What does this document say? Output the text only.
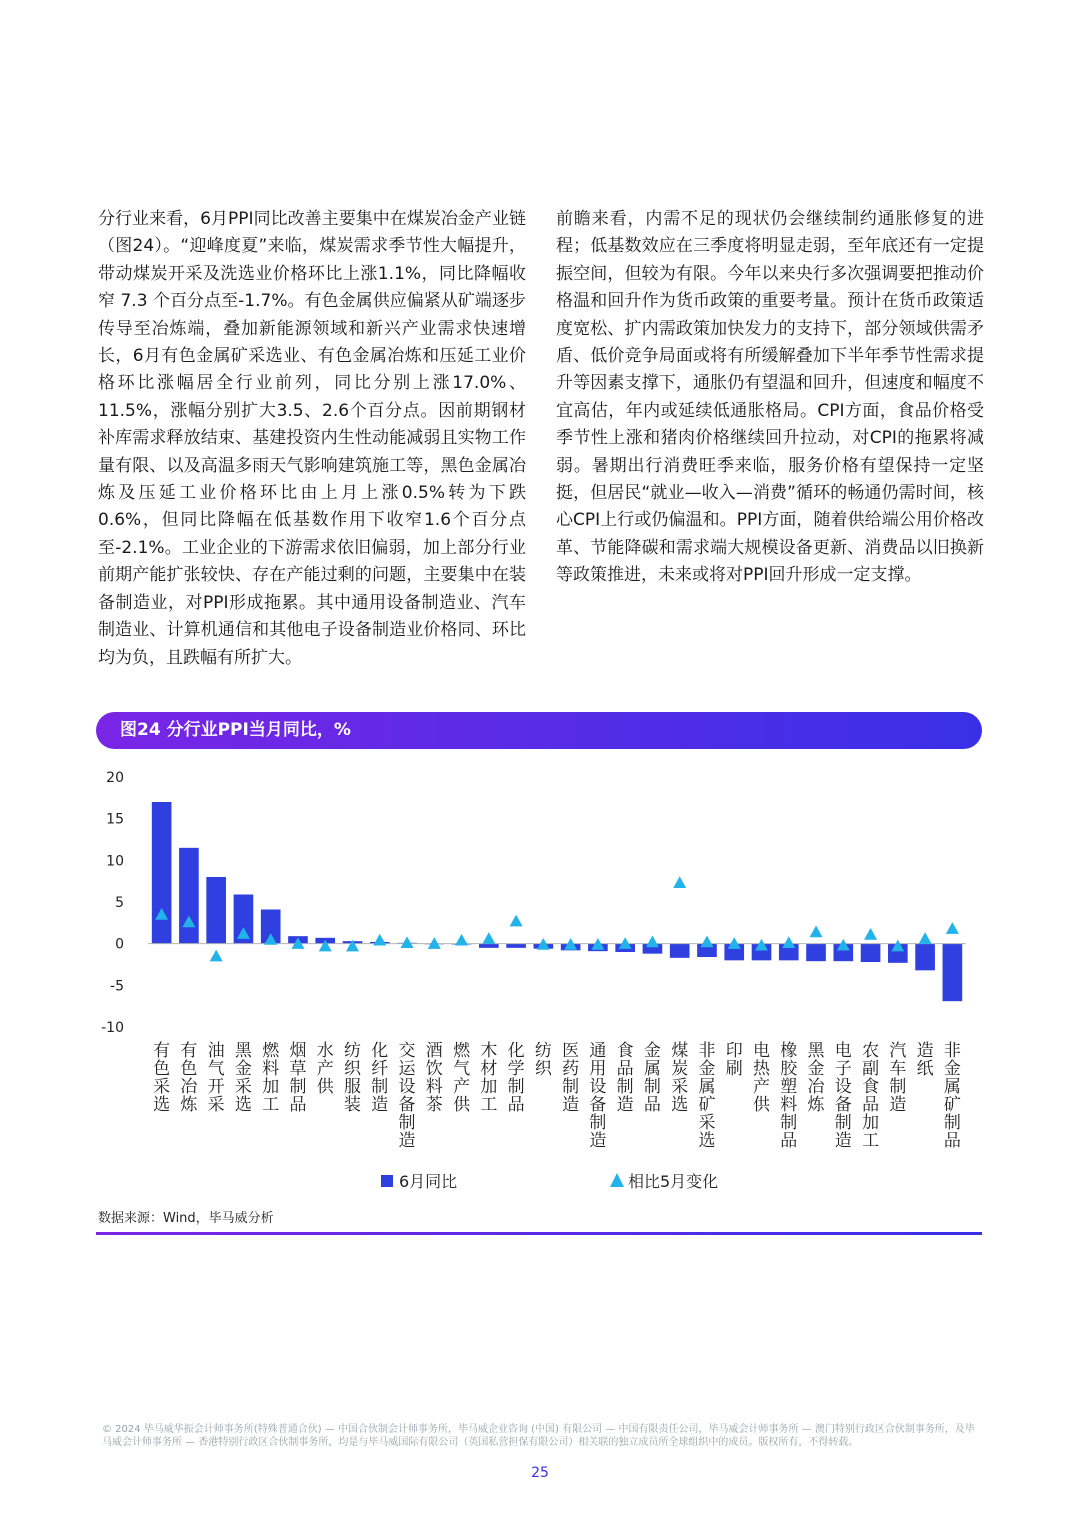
分行业来看，6月PPI同比改善主要集中在煤炭冶金产业链（图24）。“迎峰度夏”来临，煤炭需求季节性大幅提升，带动煤炭开采及洗选业价格环比上涨1.1%，同比降幅收窄 7.3 个百分点至-1.7%。有色金属供应偏紧从矿端逐步传导至冶炼端，叠加新能源领域和新兴产业需求快速增长，6月有色金属矿采选业、有色金属冶炼和压延工业价格环比涨幅居全行业前列，同比分别上涨17.0%、11.5%，涨幅分别扩大3.5、2.6个百分点。因前期钢材补库需求释放结束、基建投资内生性动能减弱且实物工作量有限、以及高温多雨天气影响建筑施工等，黑色金属冶炼及压延工业价格环比由上月上涨0.5%转为下跌 0.6%，但同比降幅在低基数作用下收窄1.6个百分点至-2.1%。工业企业的下游需求依旧偏弱，加上部分行业前期产能扩张较快、存在产能过剩的问题，主要集中在装备制造业，对PPI形成拖累。其中通用设备制造业、汽车制造业、计算机通信和其他电子设备制造业价格同、环比均为负，且跌幅有所扩大。
前瞻来看，内需不足的现状仍会继续制约通胀修复的进程；低基数效应在三季度将明显走弱，至年底还有一定提振空间，但较为有限。今年以来央行多次强调要把推动价格温和回升作为货币政策的重要考量。预计在货币政策适度宽松、扩内需政策加快发力的支持下，部分领域供需矛盾、低价竞争局面或将有所缓解叠加下半年季节性需求提升等因素支撑下，通胀仍有望温和回升，但速度和幅度不宜高估，年内或延续低通胀格局。CPI方面，食品价格受季节性上涨和猪肉价格继续回升拉动，对CPI的拖累将减弱。暑期出行消费旺季来临，服务价格有望保持一定坚挺，但居民“就业—收入—消费”循环的畅通仍需时间，核心CPI上行或仍偏温和。PPI方面，随着供给端公用价格改革、节能降碳和需求端大规模设备更新、消费品以旧换新等政策推进，未来或将对PPI回升形成一定支撑。
图24 分行业PPI当月同比，%
20
15
10
5
0
-5
-10
有色采选
有色冶炼
油气开采
黑金采选
燃料加工
烟草制品
水产供
纺织服装
化纤制造
交运设备制造
酒饮料茶
燃气产供
木材加工
化学制品
纺织
医药制造
通用设备制造
食品制造
金属制品
煤炭采选
非金属矿采选
印刷
电热产供
橡胶塑料制品
黑金冶炼
电子设备制造
农副食品加工
汽车制造
造纸
非金属矿制品
6月同比	相比5月变化
数据来源：Wind，毕马威分析
© 2024 毕马威华振会计师事务所(特殊普通合伙) — 中国合伙制会计师事务所，毕马威企业咨询 (中国) 有限公司 — 中国有限责任公司，毕马威会计师事务所 — 澳门特别行政区合伙制事务所，及毕马威会计师事务所 — 香港特别行政区合伙制事务所，均是与毕马威国际有限公司（英国私营担保有限公司）相关联的独立成员所全球组织中的成员。版权所有，不得转载。
25
